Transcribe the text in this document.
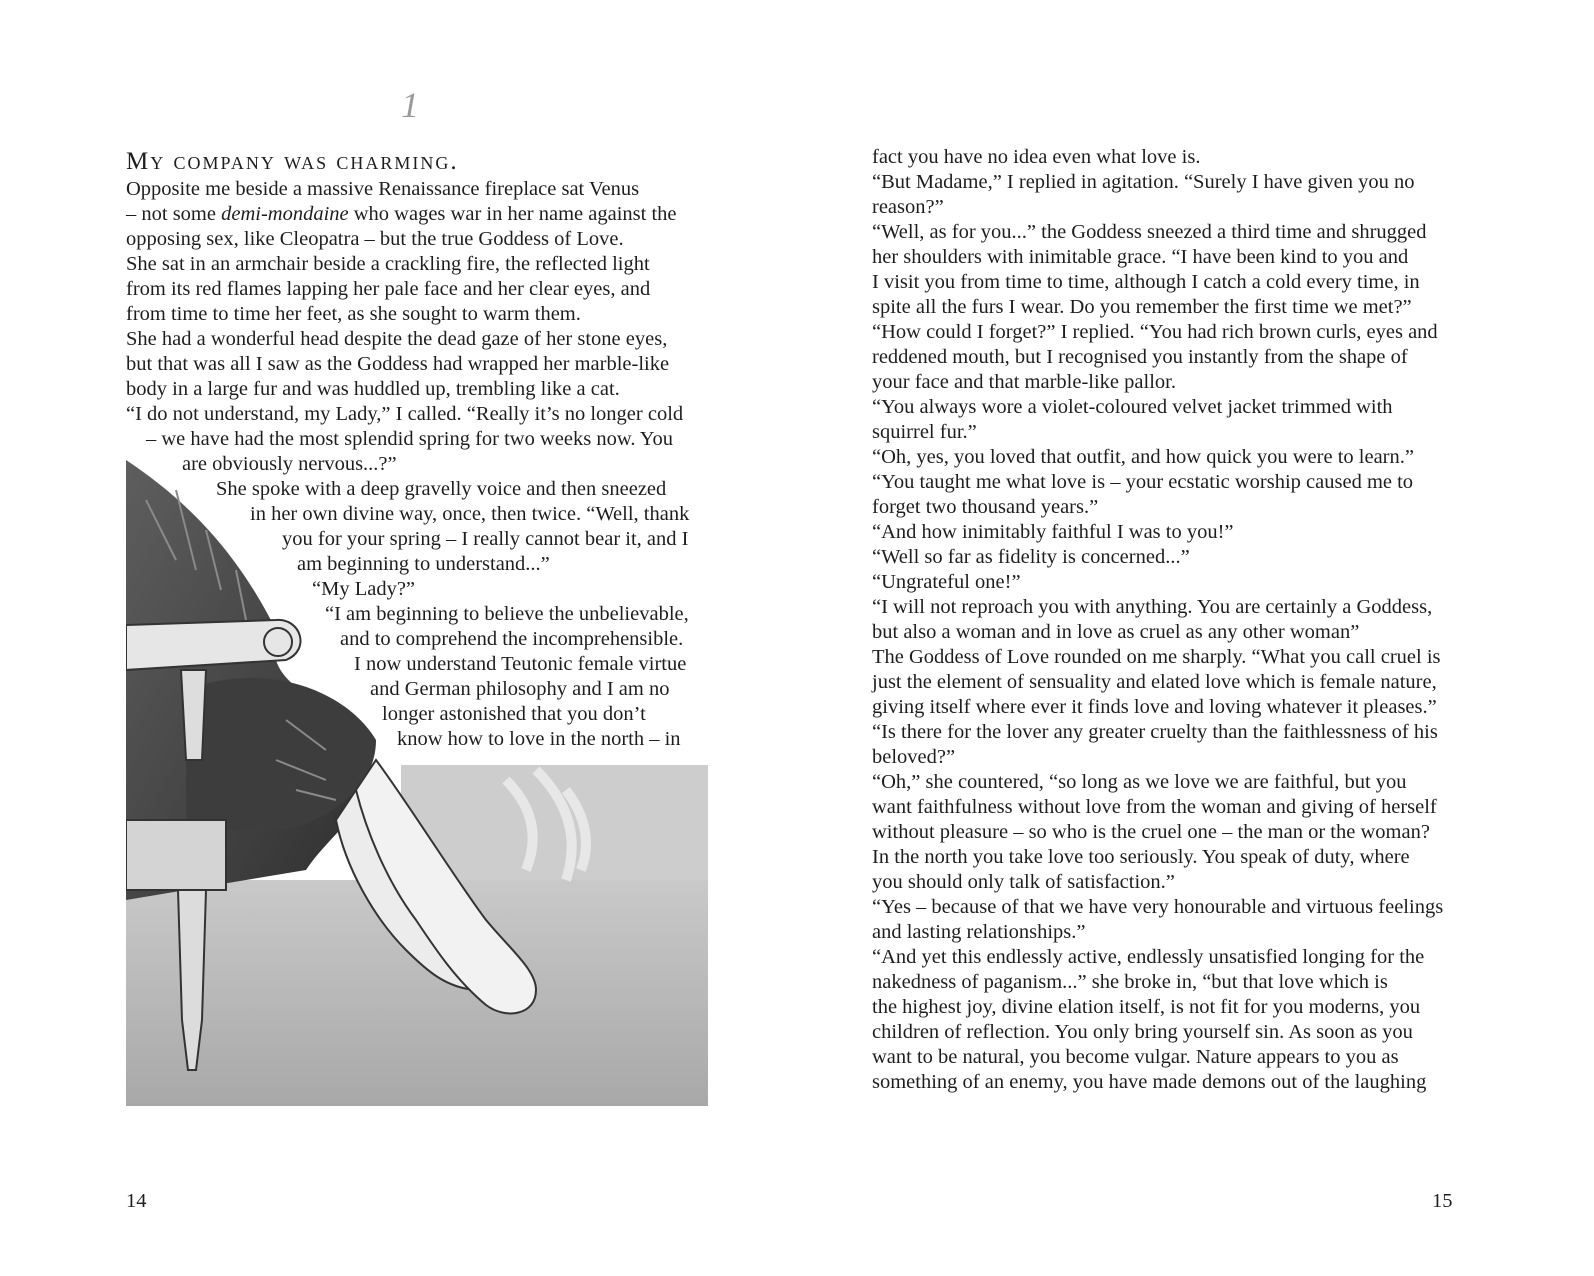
1
My company was charming.
Opposite me beside a massive Renaissance fireplace sat Venus
– not some demi-mondaine who wages war in her name against the
opposing sex, like Cleopatra – but the true Goddess of Love.
She sat in an armchair beside a crackling fire, the reflected light
from its red flames lapping her pale face and her clear eyes, and
from time to time her feet, as she sought to warm them.
She had a wonderful head despite the dead gaze of her stone eyes,
but that was all I saw as the Goddess had wrapped her marble-like
body in a large fur and was huddled up, trembling like a cat.
“I do not understand, my Lady,” I called. “Really it’s no longer cold
– we have had the most splendid spring for two weeks now. You
are obviously nervous...?”
She spoke with a deep gravelly voice and then sneezed
in her own divine way, once, then twice. “Well, thank
you for your spring – I really cannot bear it, and I
am beginning to understand...”
“My Lady?”
“I am beginning to believe the unbelievable,
and to comprehend the incomprehensible.
I now understand Teutonic female virtue
and German philosophy and I am no
longer astonished that you don’t
know how to love in the north – in
14
fact you have no idea even what love is.
“But Madame,” I replied in agitation. “Surely I have given you no
reason?”
“Well, as for you...” the Goddess sneezed a third time and shrugged
her shoulders with inimitable grace. “I have been kind to you and
I visit you from time to time, although I catch a cold every time, in
spite all the furs I wear. Do you remember the first time we met?”
“How could I forget?” I replied. “You had rich brown curls, eyes and
reddened mouth, but I recognised you instantly from the shape of
your face and that marble-like pallor.
“You always wore a violet-coloured velvet jacket trimmed with
squirrel fur.”
“Oh, yes, you loved that outfit, and how quick you were to learn.”
“You taught me what love is – your ecstatic worship caused me to
forget two thousand years.”
“And how inimitably faithful I was to you!”
“Well so far as fidelity is concerned...”
“Ungrateful one!”
“I will not reproach you with anything. You are certainly a Goddess,
but also a woman and in love as cruel as any other woman”
The Goddess of Love rounded on me sharply. “What you call cruel is
just the element of sensuality and elated love which is female nature,
giving itself where ever it finds love and loving whatever it pleases.”
“Is there for the lover any greater cruelty than the faithlessness of his
beloved?”
“Oh,” she countered, “so long as we love we are faithful, but you
want faithfulness without love from the woman and giving of herself
without pleasure – so who is the cruel one – the man or the woman?
In the north you take love too seriously. You speak of duty, where
you should only talk of satisfaction.”
“Yes – because of that we have very honourable and virtuous feelings
and lasting relationships.”
“And yet this endlessly active, endlessly unsatisfied longing for the
nakedness of paganism...” she broke in, “but that love which is
the highest joy, divine elation itself, is not fit for you moderns, you
children of reflection. You only bring yourself sin. As soon as you
want to be natural, you become vulgar. Nature appears to you as
something of an enemy, you have made demons out of the laughing
15
